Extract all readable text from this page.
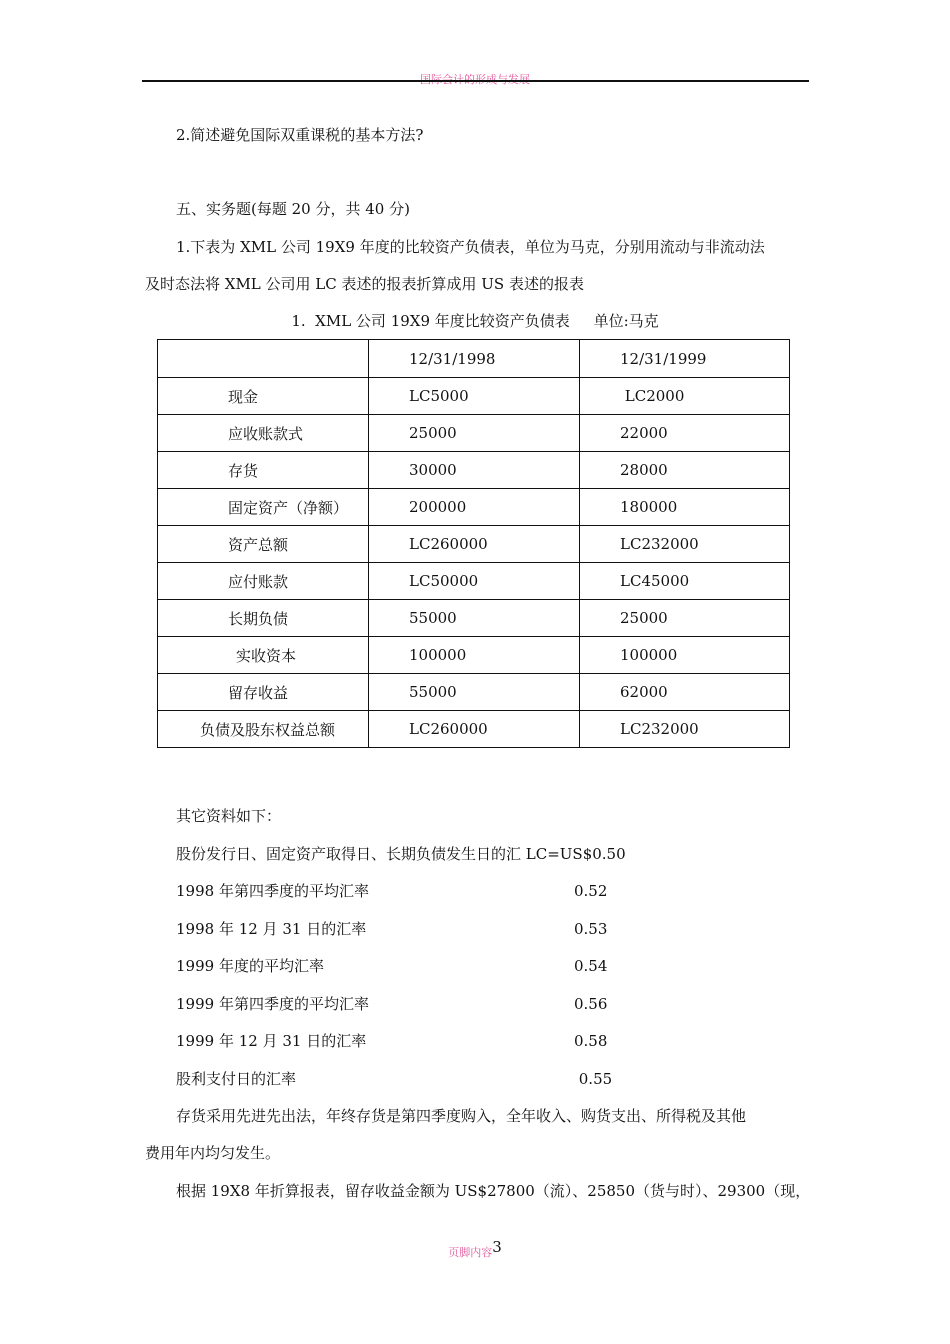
国际会计的形成与发展
2.简述避免国际双重课税的基本方法?
五、实务题(每题 20 分，共 40 分)
1.下表为 XML 公司 19X9 年度的比较资产负债表，单位为马克，分别用流动与非流动法
及时态法将 XML 公司用 LC 表述的报表折算成用 US 表述的报表
1.  XML 公司 19X9 年度比较资产负债表     单位:马克
	12/31/1998	12/31/1999
现金	LC5000	LC2000
应收账款式	25000	22000
存货	30000	28000
固定资产（净额）	200000	180000
资产总额	LC260000	LC232000
应付账款	LC50000	LC45000
长期负债	55000	25000
实收资本	100000	100000
留存收益	55000	62000
负债及股东权益总额	LC260000	LC232000
其它资料如下：
股份发行日、固定资产取得日、长期负债发生日的汇 LC=US$0.50
1998 年第四季度的平均汇率	0.52
1998 年 12 月 31 日的汇率	0.53
1999 年度的平均汇率	0.54
1999 年第四季度的平均汇率	0.56
1999 年 12 月 31 日的汇率	0.58
股利支付日的汇率	0.55
存货采用先进先出法，年终存货是第四季度购入，全年收入、购货支出、所得税及其他
费用年内均匀发生。
根据 19X8 年折算报表，留存收益金额为 US$27800（流）、25850（货与时）、29300（现，
页脚内容3
